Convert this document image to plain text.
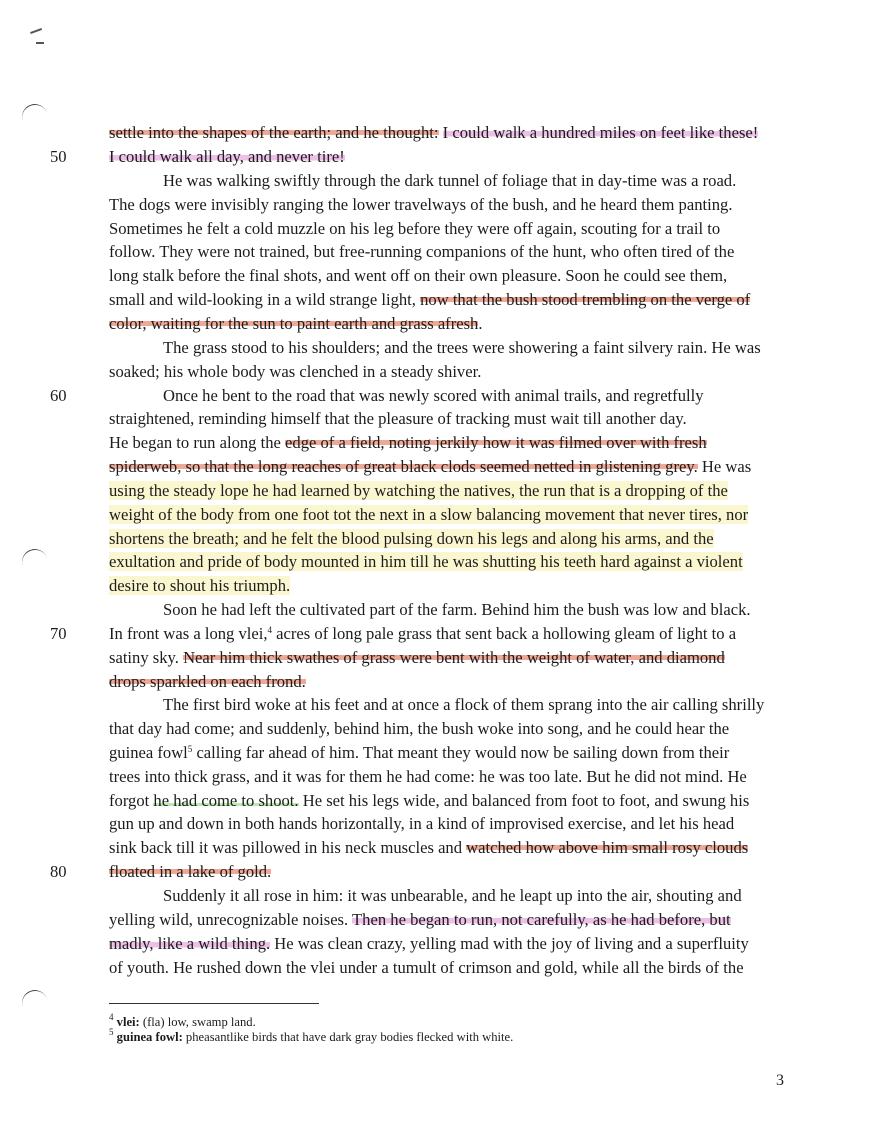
50
60
70
80
settle into the shapes of the earth; and he thought: I could walk a hundred miles on feet like these!
I could walk all day, and never tire!
He was walking swiftly through the dark tunnel of foliage that in day-time was a road.
The dogs were invisibly ranging the lower travelways of the bush, and he heard them panting.
Sometimes he felt a cold muzzle on his leg before they were off again, scouting for a trail to
follow. They were not trained, but free-running companions of the hunt, who often tired of the
long stalk before the final shots, and went off on their own pleasure. Soon he could see them,
small and wild-looking in a wild strange light, now that the bush stood trembling on the verge of
color, waiting for the sun to paint earth and grass afresh.
The grass stood to his shoulders; and the trees were showering a faint silvery rain. He was
soaked; his whole body was clenched in a steady shiver.
Once he bent to the road that was newly scored with animal trails, and regretfully
straightened, reminding himself that the pleasure of tracking must wait till another day.
He began to run along the edge of a field, noting jerkily how it was filmed over with fresh
spiderweb, so that the long reaches of great black clods seemed netted in glistening grey. He was
using the steady lope he had learned by watching the natives, the run that is a dropping of the
weight of the body from one foot tot the next in a slow balancing movement that never tires, nor
shortens the breath; and he felt the blood pulsing down his legs and along his arms, and the
exultation and pride of body mounted in him till he was shutting his teeth hard against a violent
desire to shout his triumph.
Soon he had left the cultivated part of the farm. Behind him the bush was low and black.
In front was a long vlei,$^4$ acres of long pale grass that sent back a hollowing gleam of light to a
satiny sky. Near him thick swathes of grass were bent with the weight of water, and diamond
drops sparkled on each frond.
The first bird woke at his feet and at once a flock of them sprang into the air calling shrilly
that day had come; and suddenly, behind him, the bush woke into song, and he could hear the
guinea fowl$^5$ calling far ahead of him. That meant they would now be sailing down from their
trees into thick grass, and it was for them he had come: he was too late. But he did not mind. He
forgot he had come to shoot. He set his legs wide, and balanced from foot to foot, and swung his
gun up and down in both hands horizontally, in a kind of improvised exercise, and let his head
sink back till it was pillowed in his neck muscles and watched how above him small rosy clouds
floated in a lake of gold.
Suddenly it all rose in him: it was unbearable, and he leapt up into the air, shouting and
yelling wild, unrecognizable noises. Then he began to run, not carefully, as he had before, but
madly, like a wild thing. He was clean crazy, yelling mad with the joy of living and a superfluity
of youth. He rushed down the vlei under a tumult of crimson and gold, while all the birds of the
$^4$ vlei: (fla) low, swamp land.
$^5$ guinea fowl: pheasantlike birds that have dark gray bodies flecked with white.
3
